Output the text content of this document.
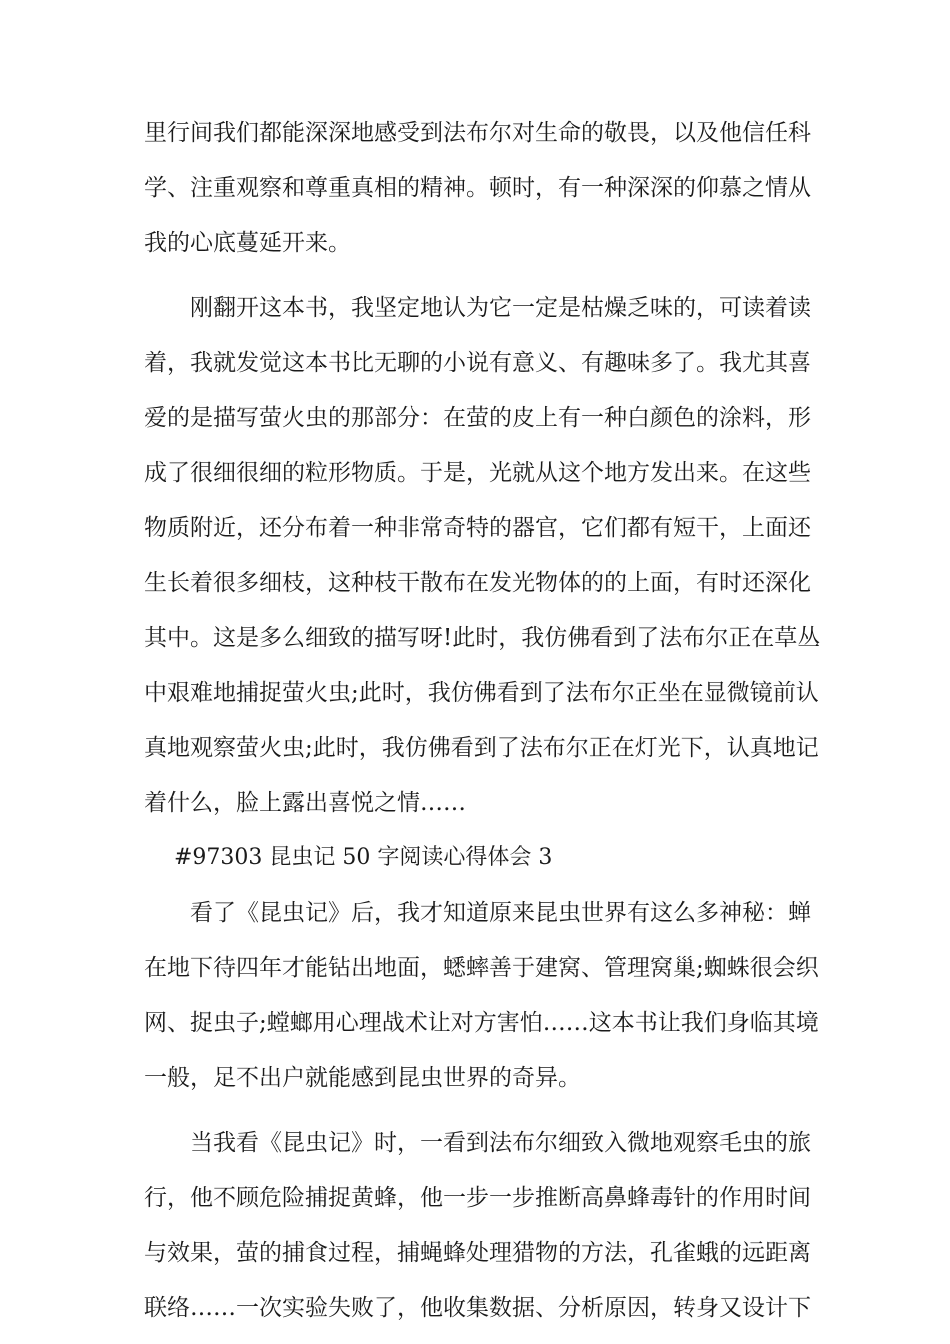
里行间我们都能深深地感受到法布尔对生命的敬畏，以及他信任科
学、注重观察和尊重真相的精神。顿时，有一种深深的仰慕之情从
我的心底蔓延开来。
刚翻开这本书，我坚定地认为它一定是枯燥乏味的，可读着读
着，我就发觉这本书比无聊的小说有意义、有趣味多了。我尤其喜
爱的是描写萤火虫的那部分：在萤的皮上有一种白颜色的涂料，形
成了很细很细的粒形物质。于是，光就从这个地方发出来。在这些
物质附近，还分布着一种非常奇特的器官，它们都有短干，上面还
生长着很多细枝，这种枝干散布在发光物体的的上面，有时还深化
其中。这是多么细致的描写呀!此时，我仿佛看到了法布尔正在草丛
中艰难地捕捉萤火虫;此时，我仿佛看到了法布尔正坐在显微镜前认
真地观察萤火虫;此时，我仿佛看到了法布尔正在灯光下，认真地记
着什么，脸上露出喜悦之情……
#97303 昆虫记 50 字阅读心得体会 3
看了《昆虫记》后，我才知道原来昆虫世界有这么多神秘：蝉
在地下待四年才能钻出地面，蟋蟀善于建窝、管理窝巢;蜘蛛很会织
网、捉虫子;螳螂用心理战术让对方害怕……这本书让我们身临其境
一般，足不出户就能感到昆虫世界的奇异。
当我看《昆虫记》时，一看到法布尔细致入微地观察毛虫的旅
行，他不顾危险捕捉黄蜂，他一步一步推断高鼻蜂毒针的作用时间
与效果，萤的捕食过程，捕蝇蜂处理猎物的方法，孔雀蛾的远距离
联络……一次实验失败了，他收集数据、分析原因，转身又设计下
